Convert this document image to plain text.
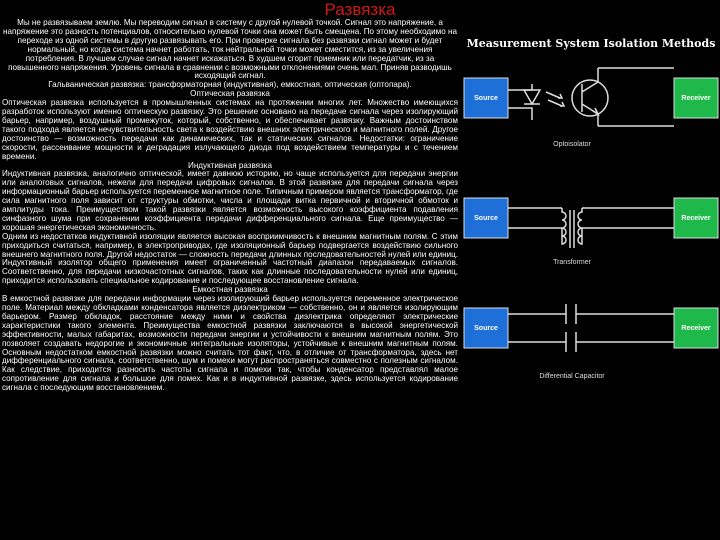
Развязка

Мы не развязываем землю. Мы переводим сигнал в систему с другой нулевой точкой. Сигнал это напряжение, а напряжение это разность потенциалов, относительно нулевой точки она может быть смещена. По этому необходимо на переходе из одной системы в другую развязывать его. При проверке сигнала без развязки сигнал может и будет нормальный, но когда система начнет работать, ток нейтральной точки может сместится, из за увеличения потребления. В лучшем случае сигнал начнет искажаться. В худшем сгорит приемник или передатчик, из за повышенного напряжения. Уровень сигнала в сравнении с возможными отклонениями очень мал. Приняв разводишь исходящий сигнал.

Гальваническая развязка: трансформаторная (индуктивная), емкостная, оптическая (оптопара).

Оптическая развязка

Оптическая развязка используется в промышленных системах на протяжении многих лет. Множество имеющихся разработок используют именно оптическую развязку. Это решение основано на передаче сигнала через изолирующий барьер, например, воздушный промежуток, который, собственно, и обеспечивает развязку. Важным достоинством такого подхода является нечувствительность света к воздействию внешних электрического и магнитного полей. Другое достоинство — возможность передачи как динамических, так и статических сигналов. Недостатки: ограничение скорости, рассеивание мощности и деградация излучающего диода под воздействием температуры и с течением времени.

Индуктивная развязка

Индуктивная развязка, аналогично оптической, имеет давнюю историю, но чаще используется для передачи энергии или аналоговых сигналов, нежели для передачи цифровых сигналов. В этой развязке для передачи сигнала через информационный барьер используется переменное магнитное поле. Типичным примером является трансформатор, где сила магнитного поля зависит от структуры обмотки, числа и площади витка первичной и вторичной обмоток и амплитуды тока. Преимуществом такой развязки является возможность высокого коэффициента подавления синфазного шума при сохранении коэффициента передачи дифференциального сигнала. Еще преимущество — хорошая энергетическая экономичность.

Одним из недостатков индуктивной изоляции является высокая восприимчивость к внешним магнитным полям. С этим приходиться считаться, например, в электроприводах, где изоляционный барьер подвергается воздействию сильного внешнего магнитного поля. Другой недостаток — сложность передачи длинных последовательностей нулей или единиц. Индуктивный изолятор общего применения имеет ограниченный частотный диапазон передаваемых сигналов. Соответственно, для передачи низкочастотных сигналов, таких как длинные последовательности нулей или единиц, приходится использовать специальное кодирование и последующее восстановление сигнала.

Емкостная развязка

В емкостной развязке для передачи информации через изолирующий барьер используется переменное электрическое поле. Материал между обкладками конденсатора является диэлектриком — собственно, он и является изолирующим барьером. Размер обкладок, расстояние между ними и свойства диэлектрика определяют электрические характеристики такого элемента. Преимущества емкостной развязки заключаются в высокой энергетической эффективности, малых габаритах, возможности передачи энергии и устойчивости к внешним магнитным полям. Это позволяет создавать недорогие и экономичные интегральные изоляторы, устойчивые к внешним магнитным полям. Основным недостатком емкостной развязки можно считать тот факт, что, в отличие от трансформатора, здесь нет дифференциального сигнала, соответственно, шум и помехи могут распространяться совместно с полезным сигналом. Как следствие, приходится разносить частоты сигнала и помехи так, чтобы конденсатор представлял малое сопротивление для сигнала и большое для помех. Как и в индуктивной развязке, здесь используется кодирование сигнала с последующим восстановлением.

Measurement System Isolation Methods
Source	Receiver
Optoisolator
Source	Receiver
Transformer
Source	Receiver
Differential Capacitor
